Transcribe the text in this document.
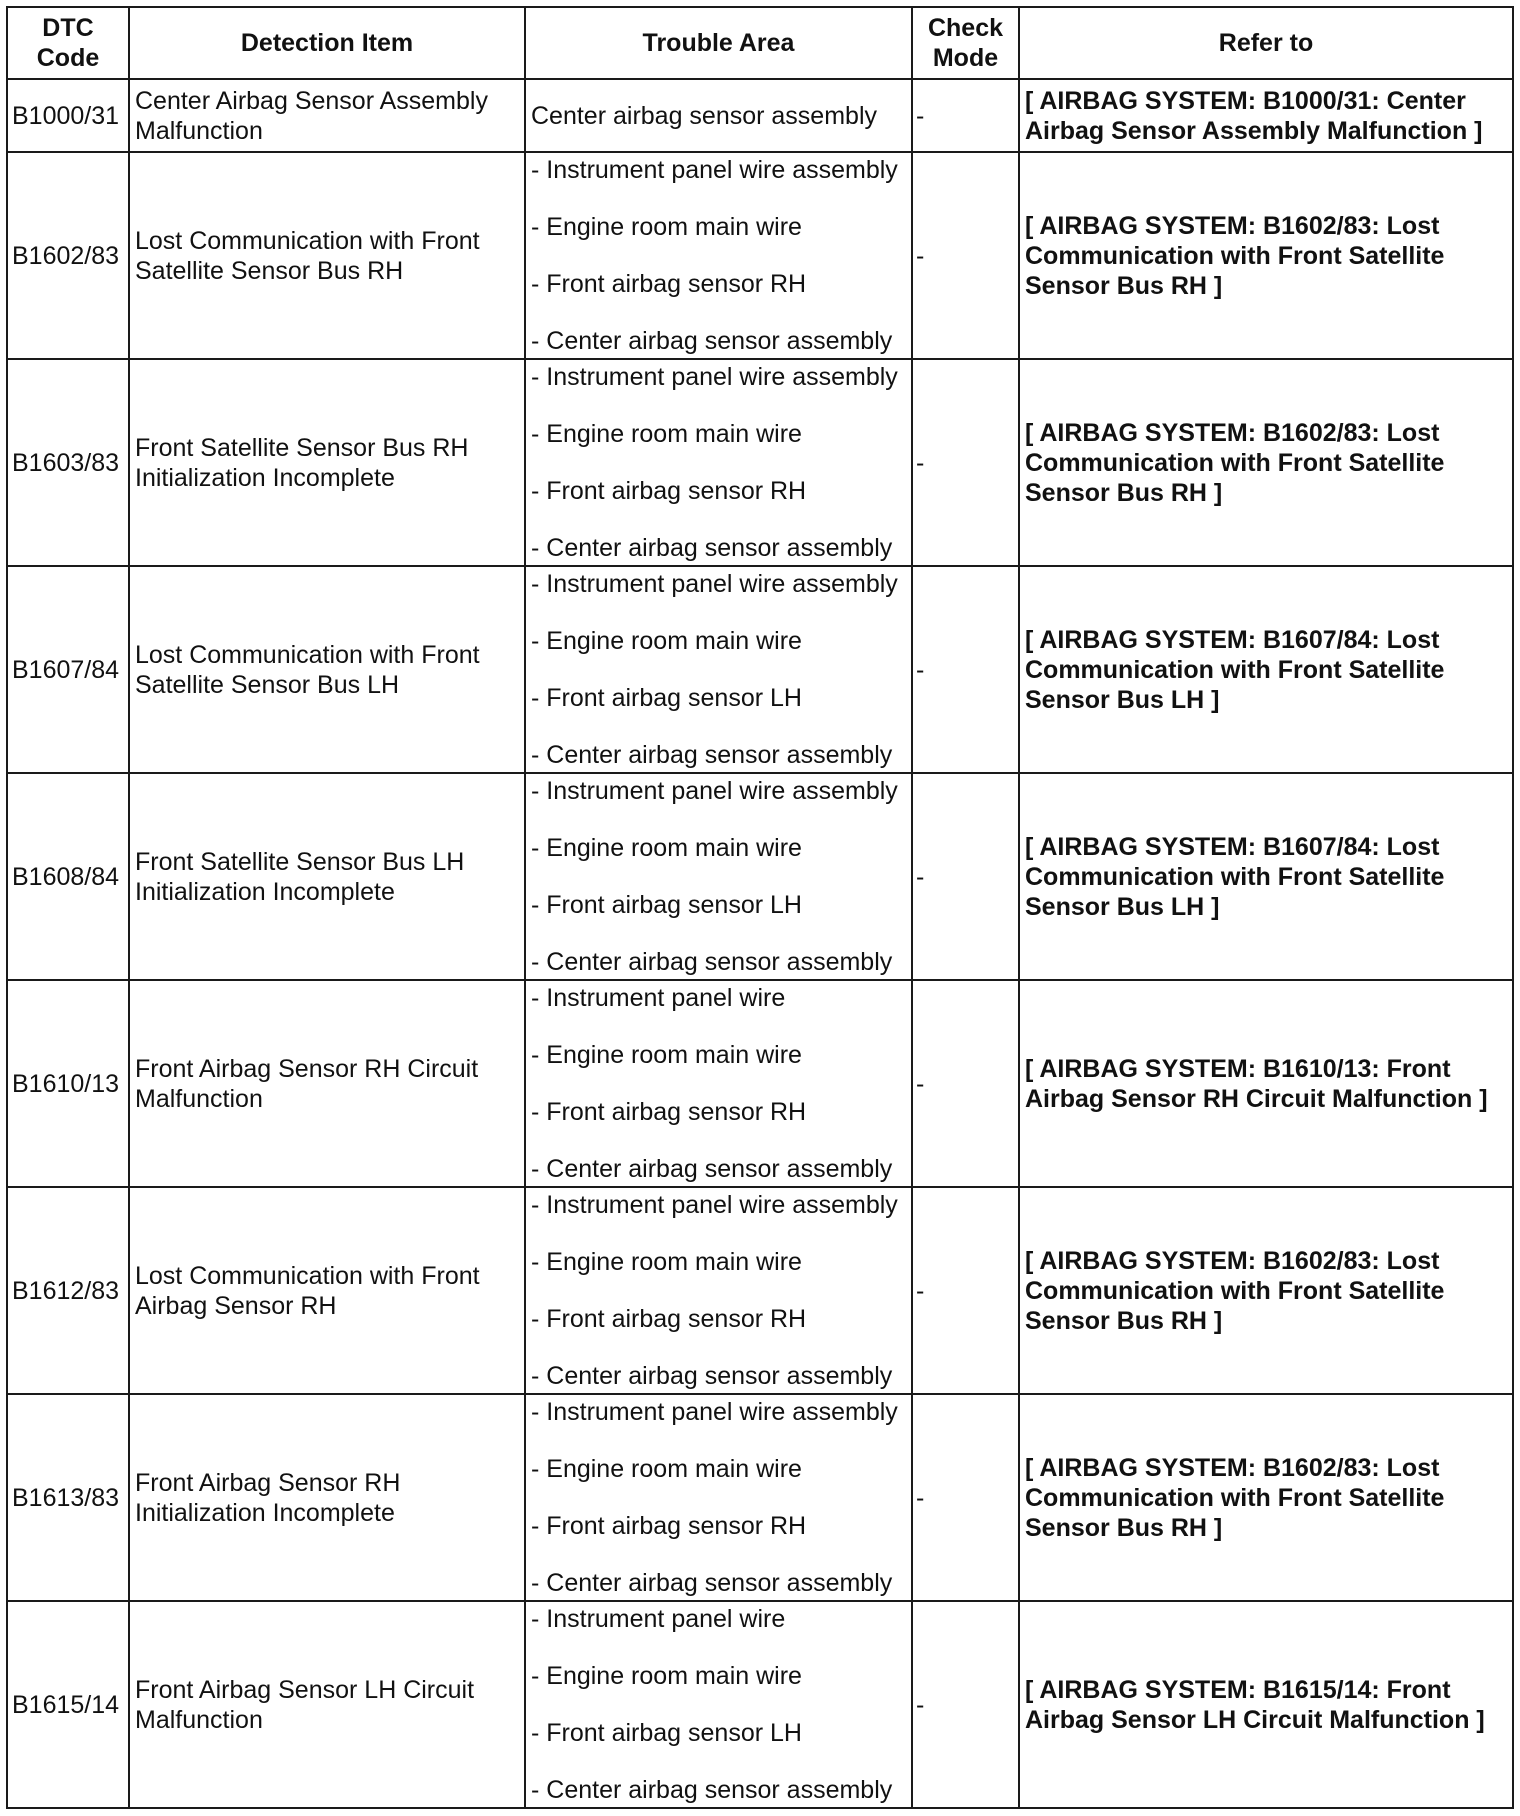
DTC Code	Detection Item	Trouble Area	Check Mode	Refer to
B1000/31	Center Airbag Sensor Assembly Malfunction	Center airbag sensor assembly	-	[ AIRBAG SYSTEM: B1000/31: Center Airbag Sensor Assembly Malfunction ]
B1602/83	Lost Communication with Front Satellite Sensor Bus RH	- Instrument panel wire assembly
- Engine room main wire
- Front airbag sensor RH
- Center airbag sensor assembly	-	[ AIRBAG SYSTEM: B1602/83: Lost Communication with Front Satellite Sensor Bus RH ]
B1603/83	Front Satellite Sensor Bus RH Initialization Incomplete	- Instrument panel wire assembly
- Engine room main wire
- Front airbag sensor RH
- Center airbag sensor assembly	-	[ AIRBAG SYSTEM: B1602/83: Lost Communication with Front Satellite Sensor Bus RH ]
B1607/84	Lost Communication with Front Satellite Sensor Bus LH	- Instrument panel wire assembly
- Engine room main wire
- Front airbag sensor LH
- Center airbag sensor assembly	-	[ AIRBAG SYSTEM: B1607/84: Lost Communication with Front Satellite Sensor Bus LH ]
B1608/84	Front Satellite Sensor Bus LH Initialization Incomplete	- Instrument panel wire assembly
- Engine room main wire
- Front airbag sensor LH
- Center airbag sensor assembly	-	[ AIRBAG SYSTEM: B1607/84: Lost Communication with Front Satellite Sensor Bus LH ]
B1610/13	Front Airbag Sensor RH Circuit Malfunction	- Instrument panel wire
- Engine room main wire
- Front airbag sensor RH
- Center airbag sensor assembly	-	[ AIRBAG SYSTEM: B1610/13: Front Airbag Sensor RH Circuit Malfunction ]
B1612/83	Lost Communication with Front Airbag Sensor RH	- Instrument panel wire assembly
- Engine room main wire
- Front airbag sensor RH
- Center airbag sensor assembly	-	[ AIRBAG SYSTEM: B1602/83: Lost Communication with Front Satellite Sensor Bus RH ]
B1613/83	Front Airbag Sensor RH Initialization Incomplete	- Instrument panel wire assembly
- Engine room main wire
- Front airbag sensor RH
- Center airbag sensor assembly	-	[ AIRBAG SYSTEM: B1602/83: Lost Communication with Front Satellite Sensor Bus RH ]
B1615/14	Front Airbag Sensor LH Circuit Malfunction	- Instrument panel wire
- Engine room main wire
- Front airbag sensor LH
- Center airbag sensor assembly	-	[ AIRBAG SYSTEM: B1615/14: Front Airbag Sensor LH Circuit Malfunction ]
